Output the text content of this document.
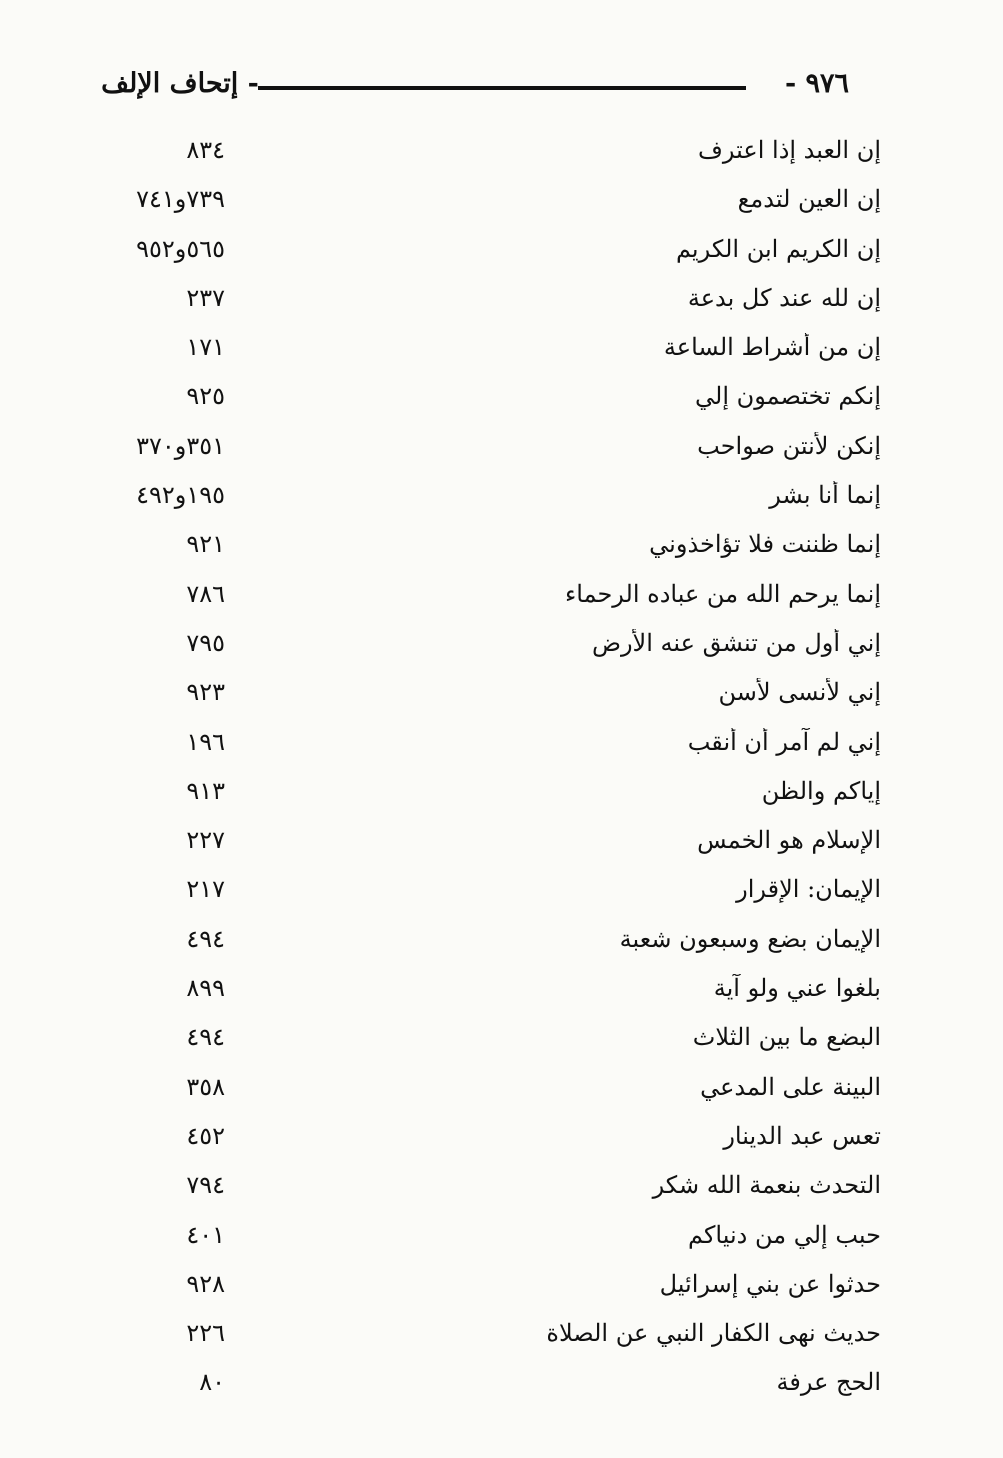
- إتحاف الإلف	٩٧٦ -
إن العبد إذا اعترف
٨٣٤
إن العين لتدمع
٧٣٩و٧٤١
إن الكريم ابن الكريم
٥٦٥و٩٥٢
إن لله عند كل بدعة
٢٣٧
إن من أشراط الساعة
١٧١
إنكم تختصمون إلي
٩٢٥
إنكن لأنتن صواحب
٣٥١و٣٧٠
إنما أنا بشر
١٩٥و٤٩٢
إنما ظننت فلا تؤاخذوني
٩٢١
إنما يرحم الله من عباده الرحماء
٧٨٦
إني أول من تنشق عنه الأرض
٧٩٥
إني لأنسى لأسن
٩٢٣
إني لم آمر أن أنقب
١٩٦
إياكم والظن
٩١٣
الإسلام هو الخمس
٢٢٧
الإيمان: الإقرار
٢١٧
الإيمان بضع وسبعون شعبة
٤٩٤
بلغوا عني ولو آية
٨٩٩
البضع ما بين الثلاث
٤٩٤
البينة على المدعي
٣٥٨
تعس عبد الدينار
٤٥٢
التحدث بنعمة الله شكر
٧٩٤
حبب إلي من دنياكم
٤٠١
حدثوا عن بني إسرائيل
٩٢٨
حديث نهى الكفار النبي عن الصلاة
٢٢٦
الحج عرفة
٨٠
